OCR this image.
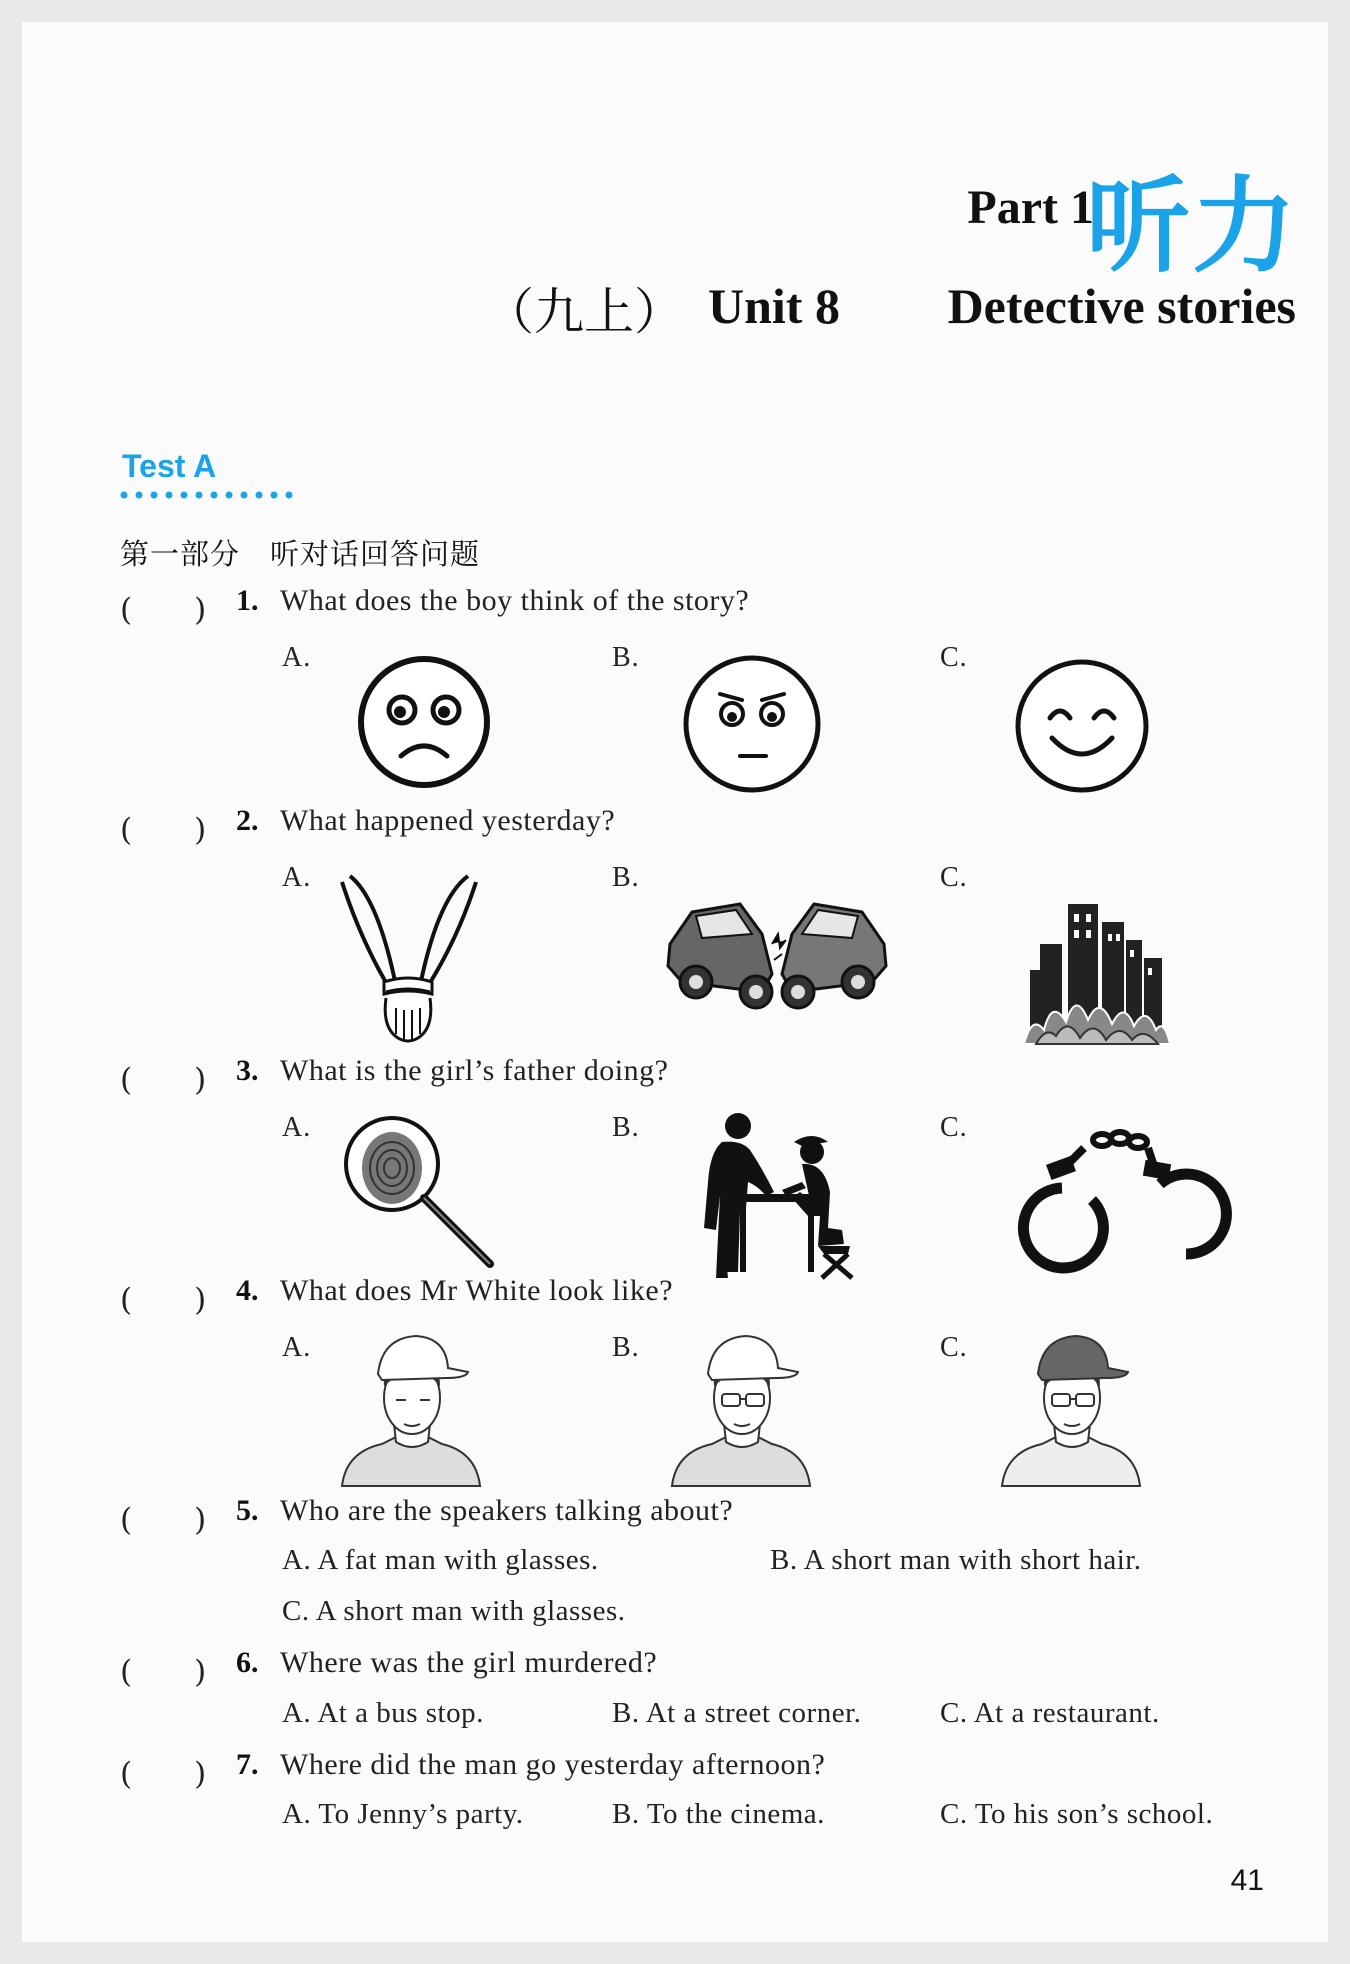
Part 1
听力
（九上） Unit 8 Detective stories
Test A
第一部分　听对话回答问题
(　　) 1. What does the boy think of the story?
A.	B.	C.
(　　) 2. What happened yesterday?
A.	B.	C.
(　　) 3. What is the girl’s father doing?
A.	B.	C.
(　　) 4. What does Mr White look like?
A.	B.	C.
(　　) 5. Who are the speakers talking about?
A. A fat man with glasses.	B. A short man with short hair.
C. A short man with glasses.
(　　) 6. Where was the girl murdered?
A. At a bus stop.	B. At a street corner.	C. At a restaurant.
(　　) 7. Where did the man go yesterday afternoon?
A. To Jenny’s party.	B. To the cinema.	C. To his son’s school.
41
